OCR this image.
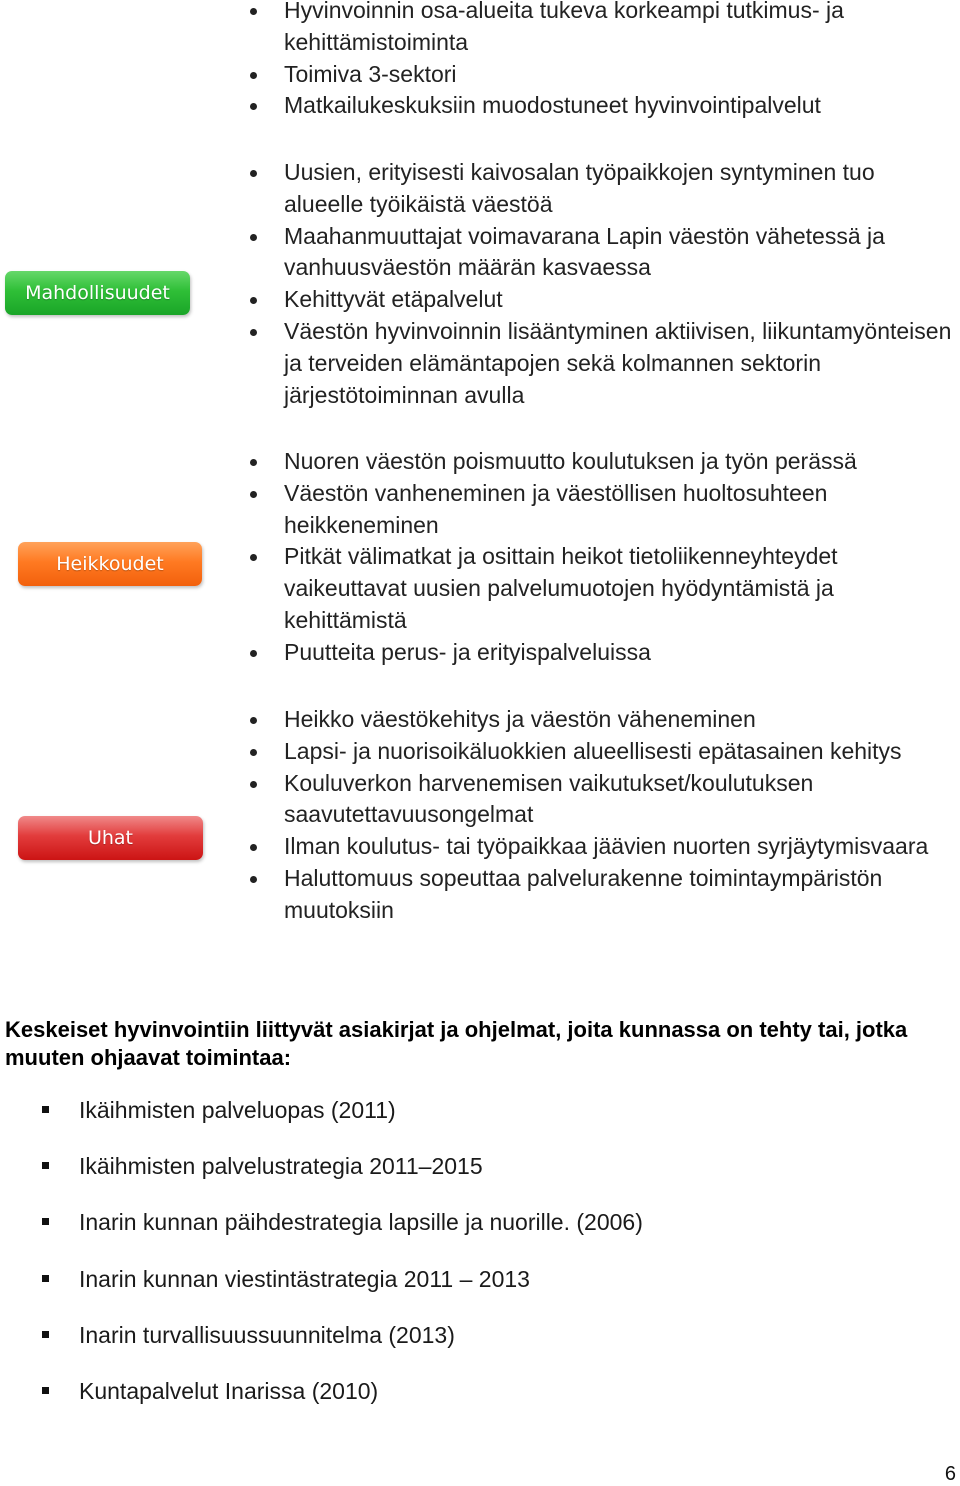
Hyvinvoinnin osa-alueita tukeva korkeampi tutkimus- ja kehittämistoiminta
Toimiva 3-sektori
Matkailukeskuksiin muodostuneet hyvinvointipalvelut
Mahdollisuudet
Uusien, erityisesti kaivosalan työpaikkojen syntyminen tuo alueelle työikäistä väestöä
Maahanmuuttajat voimavarana Lapin väestön vähetessä ja vanhuusväestön määrän kasvaessa
Kehittyvät etäpalvelut
Väestön hyvinvoinnin lisääntyminen aktiivisen, liikuntamyönteisen ja terveiden elämäntapojen sekä kolmannen sektorin järjestötoiminnan avulla
Heikkoudet
Nuoren väestön poismuutto koulutuksen ja työn perässä
Väestön vanheneminen ja väestöllisen huoltosuhteen heikkeneminen
Pitkät välimatkat ja osittain heikot tietoliikenneyhteydet vaikeuttavat uusien palvelumuotojen hyödyntämistä ja kehittämistä
Puutteita perus- ja erityispalveluissa
Uhat
Heikko väestökehitys ja väestön väheneminen
Lapsi- ja nuorisoikäluokkien alueellisesti epätasainen kehitys
Kouluverkon harvenemisen vaikutukset/koulutuksen saavutettavuusongelmat
Ilman koulutus- tai työpaikkaa jäävien nuorten syrjäytymisvaara
Haluttomuus sopeuttaa palvelurakenne toimintaympäristön muutoksiin

Keskeiset hyvinvointiin liittyvät asiakirjat ja ohjelmat, joita kunnassa on tehty tai, jotka muuten ohjaavat toimintaa:

Ikäihmisten palveluopas (2011)
Ikäihmisten palvelustrategia 2011–2015
Inarin kunnan päihdestrategia lapsille ja nuorille. (2006)
Inarin kunnan viestintästrategia 2011 – 2013
Inarin turvallisuussuunnitelma (2013)
Kuntapalvelut Inarissa (2010)
6
